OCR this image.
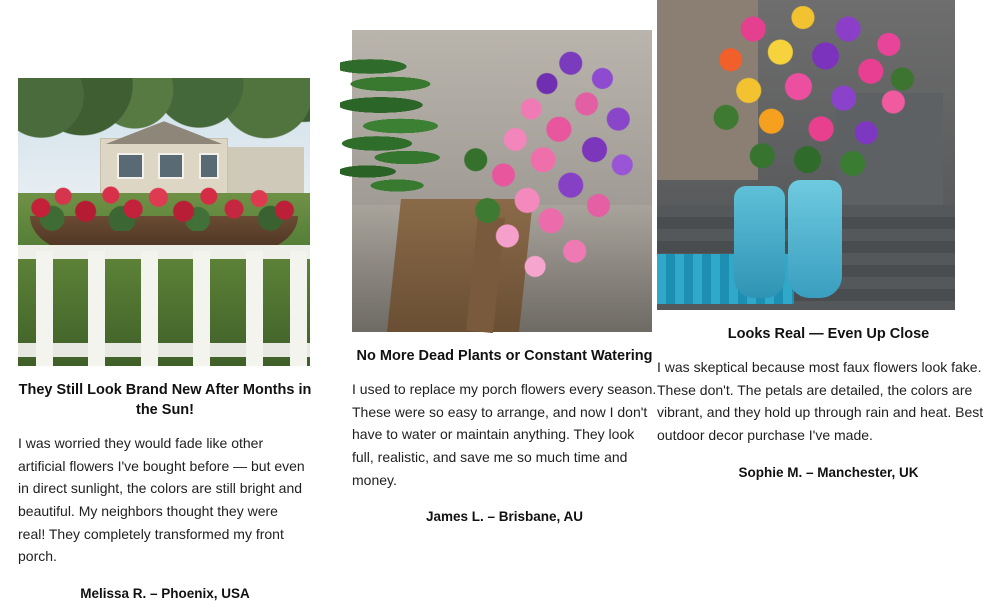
They Still Look Brand New After Months in the Sun!

I was worried they would fade like other artificial flowers I've bought before — but even in direct sunlight, the colors are still bright and beautiful. My neighbors thought they were real! They completely transformed my front porch.

Melissa R. – Phoenix, USA
No More Dead Plants or Constant Watering

I used to replace my porch flowers every season. These were so easy to arrange, and now I don't have to water or maintain anything. They look full, realistic, and save me so much time and money.

James L. – Brisbane, AU
Looks Real — Even Up Close

I was skeptical because most faux flowers look fake. These don't. The petals are detailed, the colors are vibrant, and they hold up through rain and heat. Best outdoor decor purchase I've made.

Sophie M. – Manchester, UK
